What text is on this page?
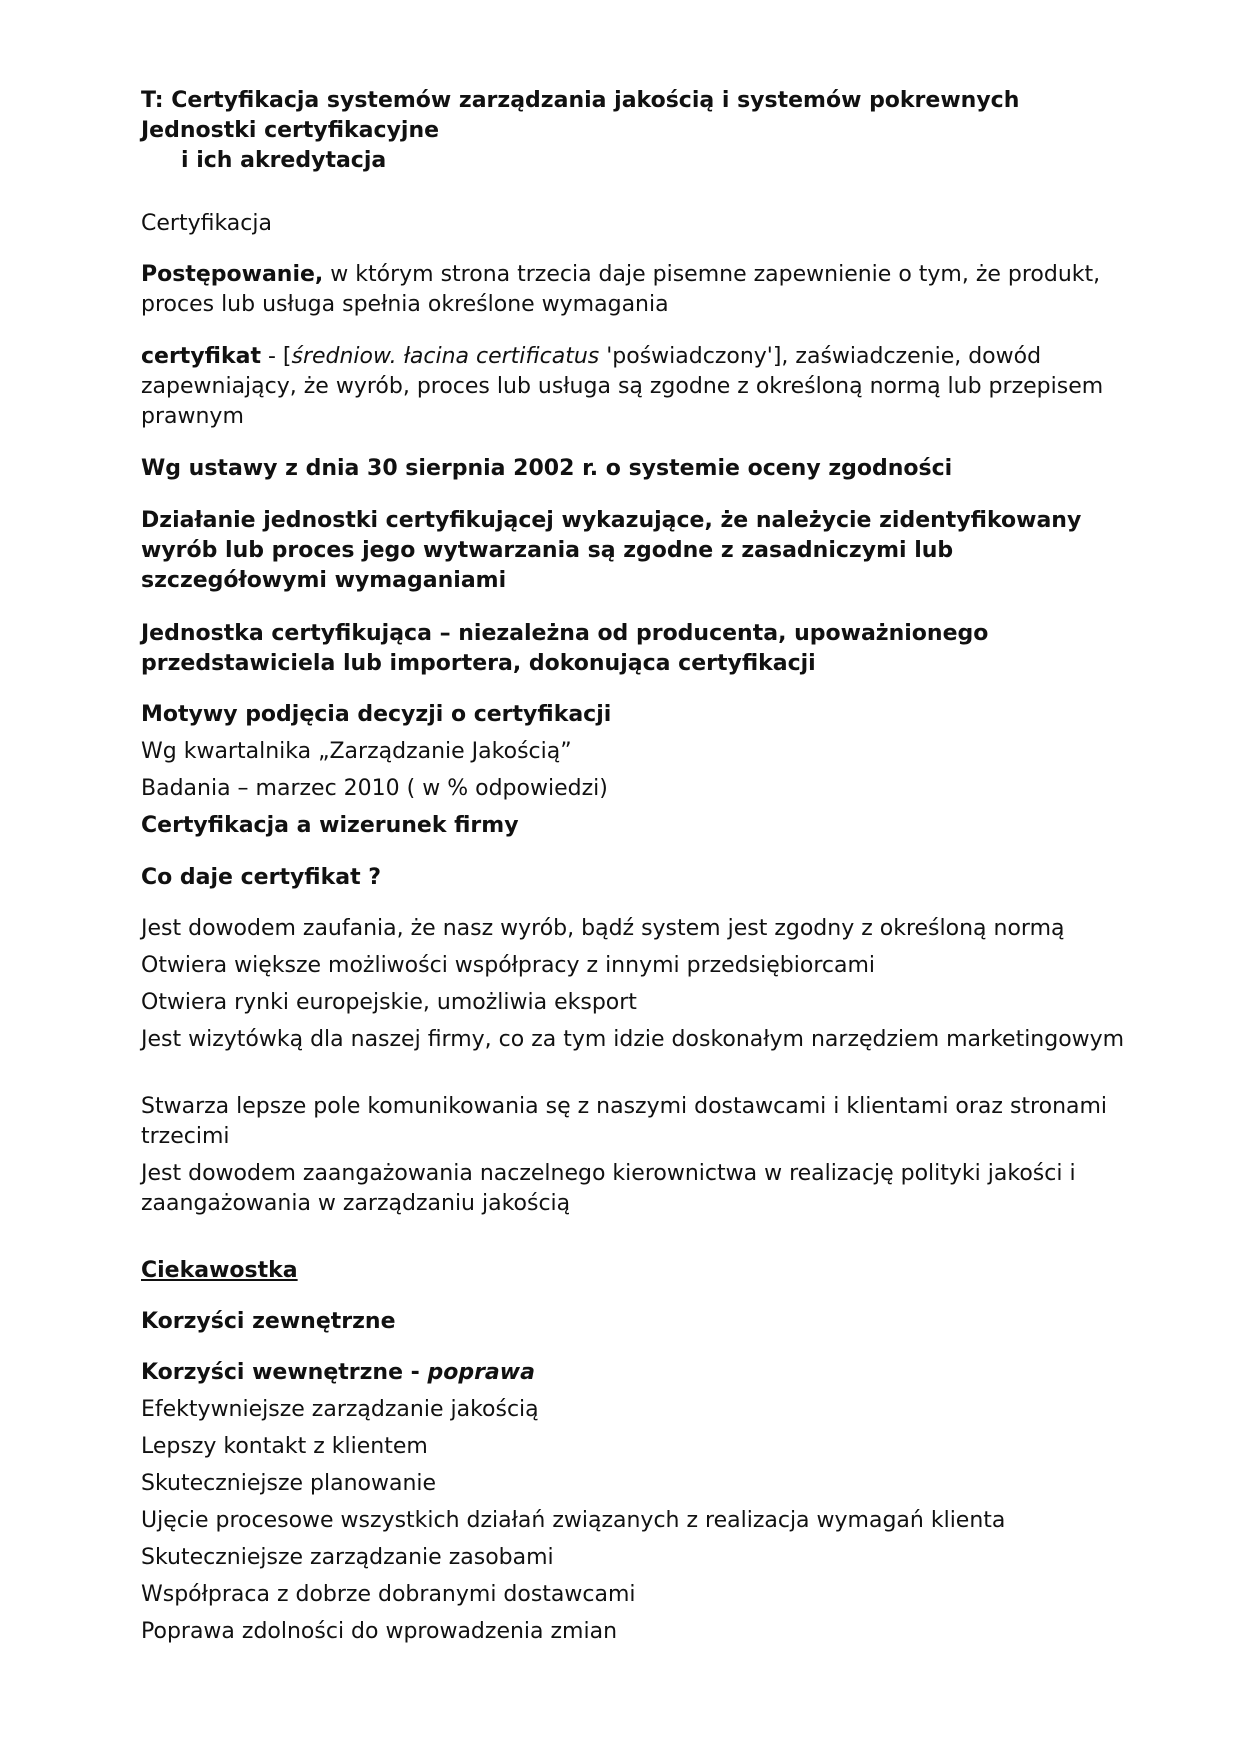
T: Certyfikacja systemów zarządzania jakością i systemów pokrewnych
Jednostki certyfikacyjne
i ich akredytacja

Certyfikacja

Postępowanie, w którym strona trzecia daje pisemne zapewnienie o tym, że produkt, proces lub usługa spełnia określone wymagania

certyfikat - [średniow. łacina certificatus 'poświadczony'], zaświadczenie, dowód zapewniający, że wyrób, proces lub usługa są zgodne z określoną normą lub przepisem prawnym

Wg ustawy z dnia 30 sierpnia 2002 r. o systemie oceny zgodności

Działanie jednostki certyfikującej wykazujące, że należycie zidentyfikowany wyrób lub proces jego wytwarzania są zgodne z zasadniczymi lub szczegółowymi wymaganiami

Jednostka certyfikująca – niezależna od producenta, upoważnionego przedstawiciela lub importera, dokonująca certyfikacji

Motywy podjęcia decyzji o certyfikacji

Wg kwartalnika „Zarządzanie Jakością”

Badania – marzec 2010 ( w % odpowiedzi)

Certyfikacja a wizerunek firmy

Co daje certyfikat ?

Jest dowodem zaufania, że nasz wyrób, bądź system jest zgodny z określoną normą

Otwiera większe możliwości współpracy z innymi przedsiębiorcami

Otwiera rynki europejskie, umożliwia eksport

Jest wizytówką dla naszej firmy, co za tym idzie doskonałym narzędziem marketingowym

Stwarza lepsze pole komunikowania sę z naszymi dostawcami i klientami oraz stronami trzecimi

Jest dowodem zaangażowania naczelnego kierownictwa w realizację polityki jakości i zaangażowania w zarządzaniu jakością

Ciekawostka

Korzyści zewnętrzne

Korzyści wewnętrzne - poprawa

Efektywniejsze zarządzanie jakością

Lepszy kontakt z klientem

Skuteczniejsze planowanie

Ujęcie procesowe wszystkich działań związanych z realizacja wymagań klienta

Skuteczniejsze zarządzanie zasobami

Współpraca z dobrze dobranymi dostawcami

Poprawa zdolności do wprowadzenia zmian
